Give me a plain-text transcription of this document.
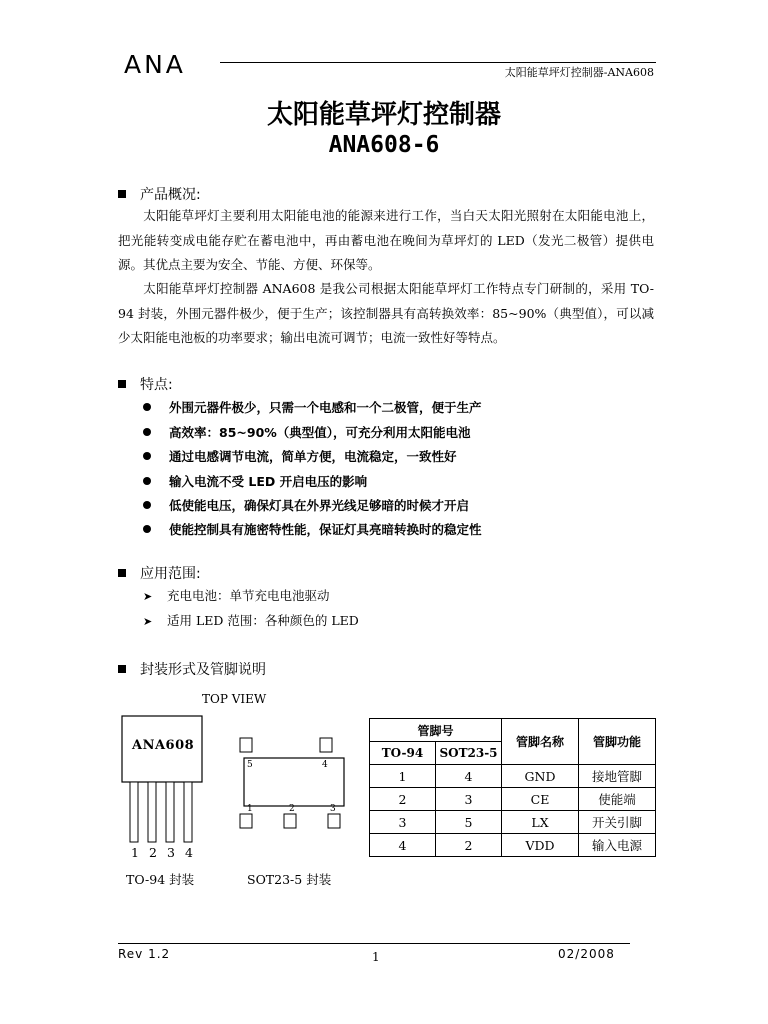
ANA	太阳能草坪灯控制器-ANA608
太阳能草坪灯控制器
ANA608-6
产品概况:
太阳能草坪灯主要利用太阳能电池的能源来进行工作，当白天太阳光照射在太阳能电池上，把光能转变成电能存贮在蓄电池中，再由蓄电池在晚间为草坪灯的 LED（发光二极管）提供电源。其优点主要为安全、节能、方便、环保等。
太阳能草坪灯控制器 ANA608 是我公司根据太阳能草坪灯工作特点专门研制的，采用 TO-94 封装，外围元器件极少，便于生产；该控制器具有高转换效率：85~90%（典型值），可以减少太阳能电池板的功率要求；输出电流可调节；电流一致性好等特点。
特点:
外围元器件极少，只需一个电感和一个二极管，便于生产
高效率：85~90%（典型值），可充分利用太阳能电池
通过电感调节电流，简单方便，电流稳定，一致性好
输入电流不受 LED 开启电压的影响
低使能电压，确保灯具在外界光线足够暗的时候才开启
使能控制具有施密特性能，保证灯具亮暗转换时的稳定性
应用范围:
➤ 充电电池：单节充电电池驱动
➤ 适用 LED 范围：各种颜色的 LED
封装形式及管脚说明
TOP VIEW
ANA608
1 2 3 4
TO-94 封装
5	4
1	2	3
SOT23-5 封装
管脚号		管脚名称	管脚功能
TO-94	SOT23-5		
1	4	GND	接地管脚
2	3	CE	使能端
3	5	LX	开关引脚
4	2	VDD	输入电源
Rev 1.2	1	02/2008
